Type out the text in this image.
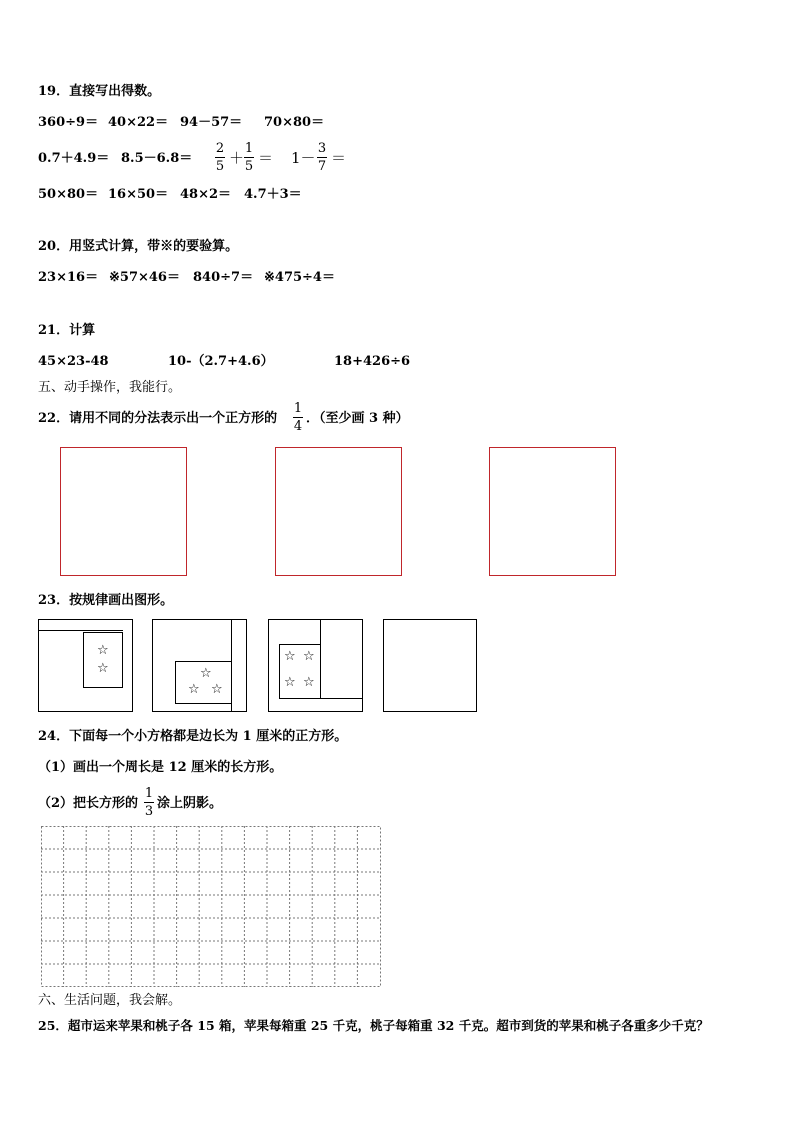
19．直接写出得数。
360÷9＝ 40×22＝ 94－57＝ 70×80＝
0.7＋4.9＝ 8.5－6.8＝
2
5 ＋
1
5 ＝ 1－
3
7 ＝
50×80＝ 16×50＝ 48×2＝ 4.7＋3＝
20．用竖式计算，带※的要验算。
23×16＝ ※57×46＝ 840÷7＝ ※475÷4＝
21．计算
45×23-48	10-（2.7+4.6）	18+426÷6
五、动手操作，我能行。
22．请用不同的分法表示出一个正方形的
1
4
．（至少画 3 种）
23．按规律画出图形。
☆
☆	☆
☆ ☆
☆ ☆
☆ ☆
24．下面每一个小方格都是边长为 1 厘米的正方形。
（1）画出一个周长是 12 厘米的长方形。
（2）把长方形的
1
3
涂上阴影。
六、生活问题，我会解。
25．超市运来苹果和桃子各 15 箱，苹果每箱重 25 千克，桃子每箱重 32 千克。超市到货的苹果和桃子各重多少千克？
